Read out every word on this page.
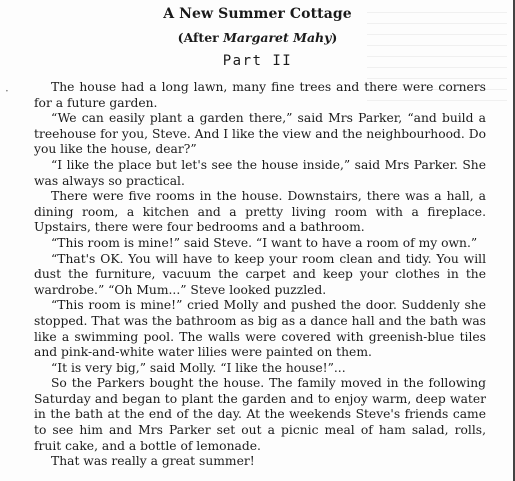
A New Summer Cottage
(After Margaret Mahy)
Part II
·	The house had a long lawn, many fine trees and there were corners for a future garden.

“We can easily plant a garden there,” said Mrs Parker, “and build a treehouse for you, Steve. And I like the view and the neighbourhood. Do you like the house, dear?”

“I like the place but let's see the house inside,” said Mrs Parker. She was always so practical.

There were five rooms in the house. Downstairs, there was a hall, a dining room, a kitchen and a pretty living room with a fireplace. Upstairs, there were four bedrooms and a bathroom.

“This room is mine!” said Steve. “I want to have a room of my own.”

“That's OK. You will have to keep your room clean and tidy. You will dust the furniture, vacuum the carpet and keep your clothes in the wardrobe.” “Oh Mum...” Steve looked puzzled.

“This room is mine!” cried Molly and pushed the door. Suddenly she stopped. That was the bathroom as big as a dance hall and the bath was like a swimming pool. The walls were covered with greenish-blue tiles and pink-and-white water lilies were painted on them.

“It is very big,” said Molly. “I like the house!”...

So the Parkers bought the house. The family moved in the following Saturday and began to plant the garden and to enjoy warm, deep water in the bath at the end of the day. At the weekends Steve's friends came to see him and Mrs Parker set out a picnic meal of ham salad, rolls, fruit cake, and a bottle of lemonade.

That was really a great summer!
